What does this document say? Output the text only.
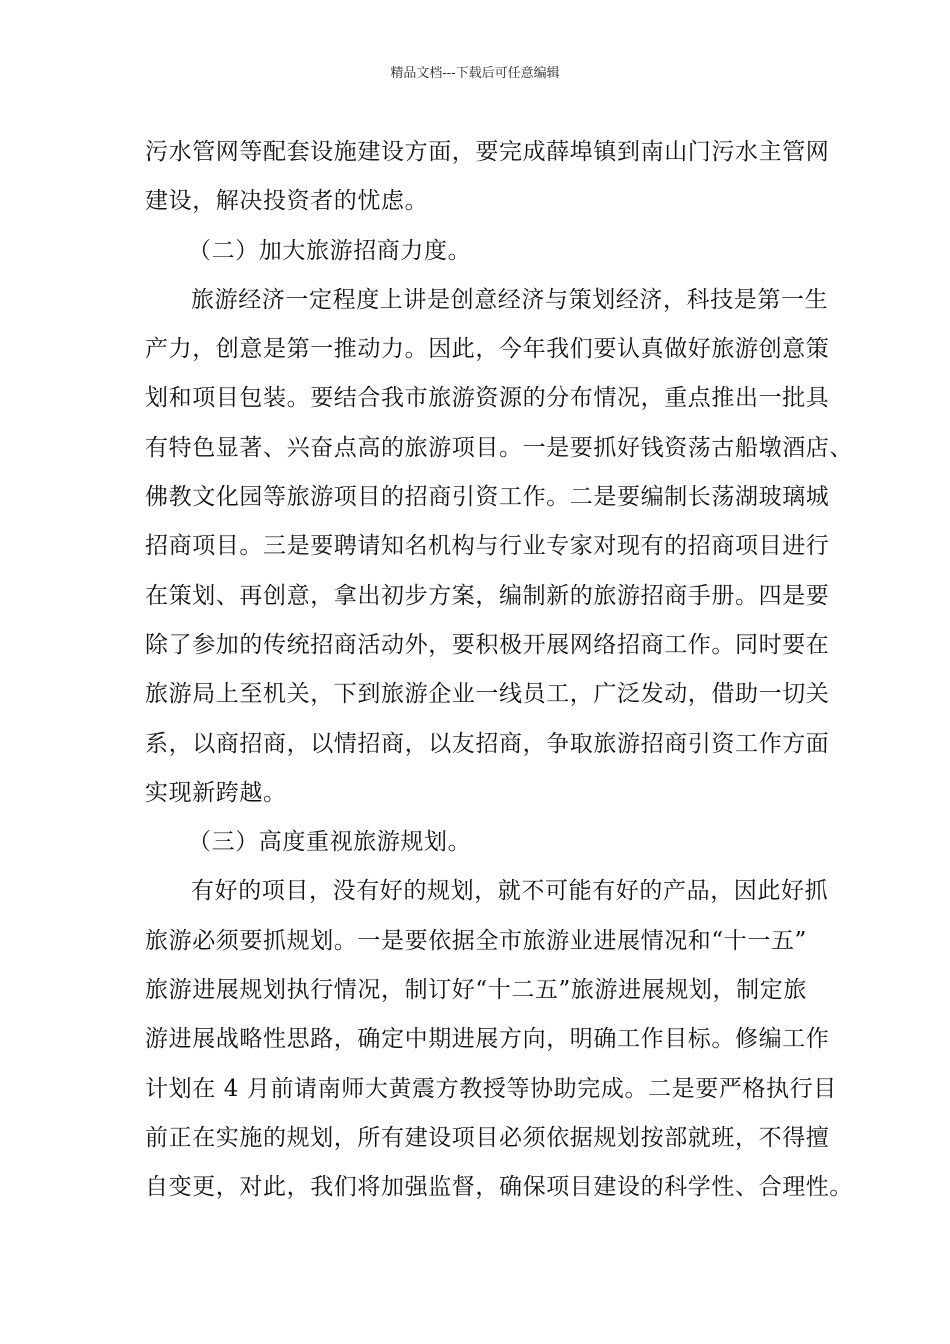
精品文档---下载后可任意编辑
污水管网等配套设施建设方面，要完成薛埠镇到南山门污水主管网
建设，解决投资者的忧虑。
（二）加大旅游招商力度。
旅游经济一定程度上讲是创意经济与策划经济，科技是第一生
产力，创意是第一推动力。因此，今年我们要认真做好旅游创意策
划和项目包装。要结合我市旅游资源的分布情况，重点推出一批具
有特色显著、兴奋点高的旅游项目。一是要抓好钱资荡古船墩酒店、
佛教文化园等旅游项目的招商引资工作。二是要编制长荡湖玻璃城
招商项目。三是要聘请知名机构与行业专家对现有的招商项目进行
在策划、再创意，拿出初步方案，编制新的旅游招商手册。四是要
除了参加的传统招商活动外，要积极开展网络招商工作。同时要在
旅游局上至机关，下到旅游企业一线员工，广泛发动，借助一切关
系，以商招商，以情招商，以友招商，争取旅游招商引资工作方面
实现新跨越。
（三）高度重视旅游规划。
有好的项目，没有好的规划，就不可能有好的产品，因此好抓
旅游必须要抓规划。一是要依据全市旅游业进展情况和“十一五”
旅游进展规划执行情况，制订好“十二五”旅游进展规划，制定旅
游进展战略性思路，确定中期进展方向，明确工作目标。修编工作
计划在 4 月前请南师大黄震方教授等协助完成。二是要严格执行目
前正在实施的规划，所有建设项目必须依据规划按部就班，不得擅
自变更，对此，我们将加强监督，确保项目建设的科学性、合理性。
